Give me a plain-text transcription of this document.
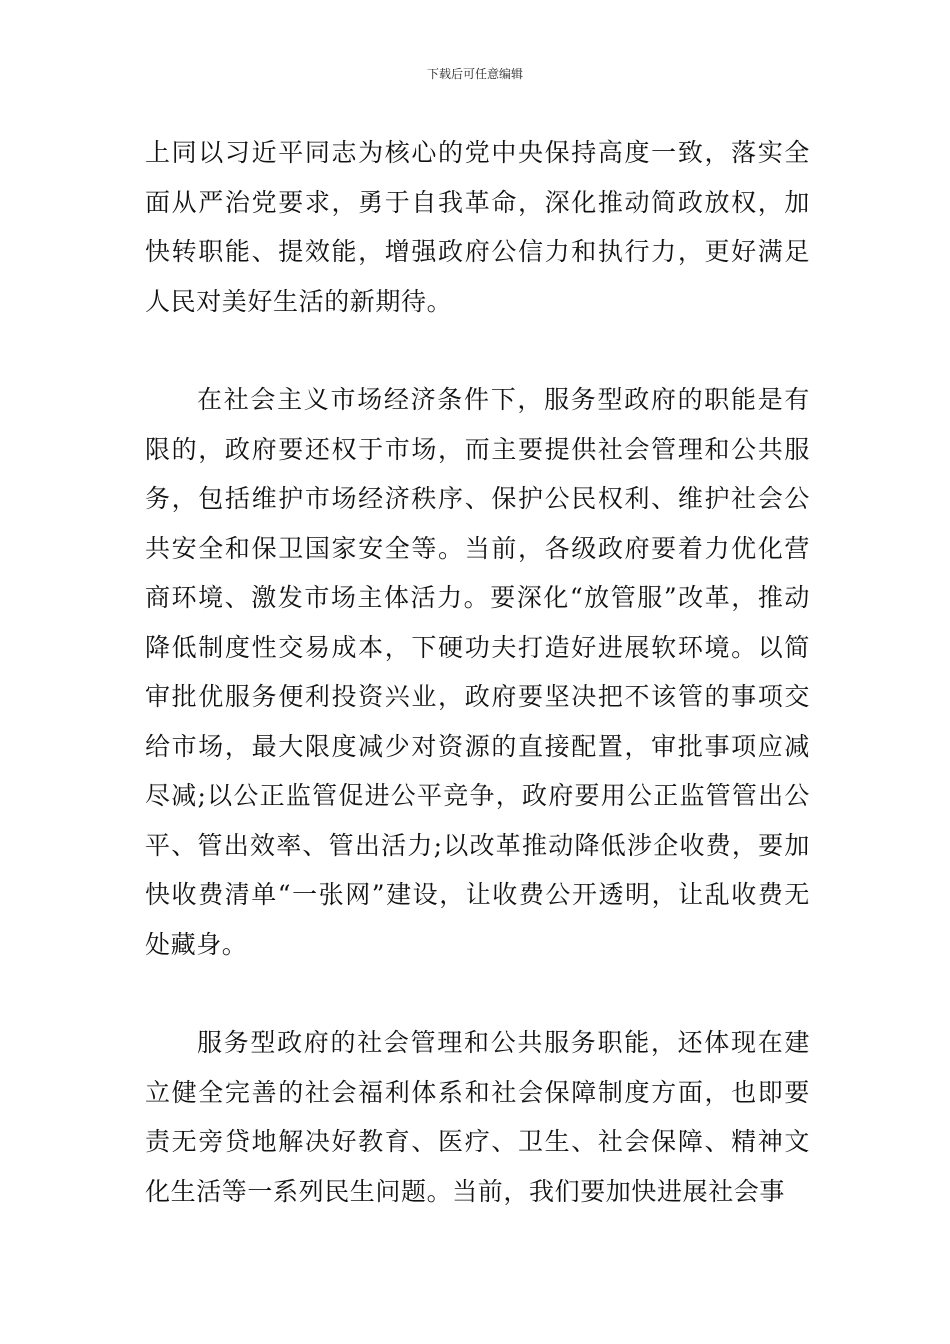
下载后可任意编辑

上同以习近平同志为核心的党中央保持高度一致，落实全面从严治党要求，勇于自我革命，深化推动简政放权，加快转职能、提效能，增强政府公信力和执行力，更好满足人民对美好生活的新期待。

在社会主义市场经济条件下，服务型政府的职能是有限的，政府要还权于市场，而主要提供社会管理和公共服务，包括维护市场经济秩序、保护公民权利、维护社会公共安全和保卫国家安全等。当前，各级政府要着力优化营商环境、激发市场主体活力。要深化“放管服”改革，推动降低制度性交易成本，下硬功夫打造好进展软环境。以简审批优服务便利投资兴业，政府要坚决把不该管的事项交给市场，最大限度减少对资源的直接配置，审批事项应减尽减;以公正监管促进公平竞争，政府要用公正监管管出公平、管出效率、管出活力;以改革推动降低涉企收费，要加快收费清单“一张网”建设，让收费公开透明，让乱收费无处藏身。

服务型政府的社会管理和公共服务职能，还体现在建立健全完善的社会福利体系和社会保障制度方面，也即要责无旁贷地解决好教育、医疗、卫生、社会保障、精神文化生活等一系列民生问题。当前，我们要加快进展社会事
